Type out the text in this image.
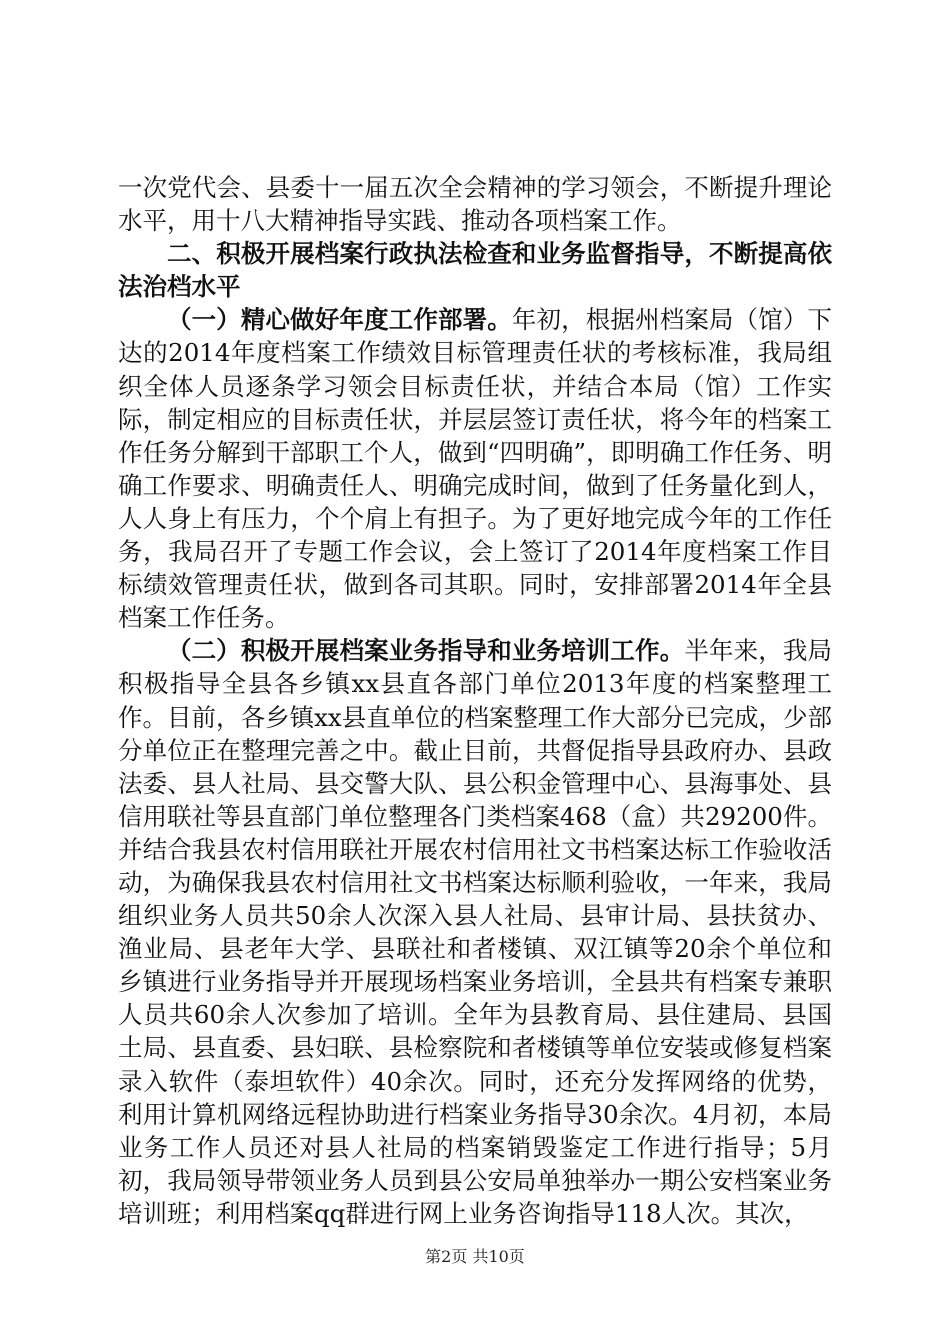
一次党代会、县委十一届五次全会精神的学习领会，不断提升理论水平，用十八大精神指导实践、推动各项档案工作。

二、积极开展档案行政执法检查和业务监督指导，不断提高依法治档水平

（一）精心做好年度工作部署。年初，根据州档案局（馆）下达的2014年度档案工作绩效目标管理责任状的考核标准，我局组织全体人员逐条学习领会目标责任状，并结合本局（馆）工作实际，制定相应的目标责任状，并层层签订责任状，将今年的档案工作任务分解到干部职工个人，做到“四明确”，即明确工作任务、明确工作要求、明确责任人、明确完成时间，做到了任务量化到人，人人身上有压力，个个肩上有担子。为了更好地完成今年的工作任务，我局召开了专题工作会议，会上签订了2014年度档案工作目标绩效管理责任状，做到各司其职。同时，安排部署2014年全县档案工作任务。

（二）积极开展档案业务指导和业务培训工作。半年来，我局积极指导全县各乡镇xx县直各部门单位2013年度的档案整理工作。目前，各乡镇xx县直单位的档案整理工作大部分已完成，少部分单位正在整理完善之中。截止目前，共督促指导县政府办、县政法委、县人社局、县交警大队、县公积金管理中心、县海事处、县信用联社等县直部门单位整理各门类档案468（盒）共29200件。并结合我县农村信用联社开展农村信用社文书档案达标工作验收活动，为确保我县农村信用社文书档案达标顺利验收，一年来，我局组织业务人员共50余人次深入县人社局、县审计局、县扶贫办、渔业局、县老年大学、县联社和者楼镇、双江镇等20余个单位和乡镇进行业务指导并开展现场档案业务培训，全县共有档案专兼职人员共60余人次参加了培训。全年为县教育局、县住建局、县国土局、县直委、县妇联、县检察院和者楼镇等单位安装或修复档案录入软件（泰坦软件）40余次。同时，还充分发挥网络的优势，利用计算机网络远程协助进行档案业务指导30余次。4月初，本局业务工作人员还对县人社局的档案销毁鉴定工作进行指导；5月初，我局领导带领业务人员到县公安局单独举办一期公安档案业务培训班；利用档案qq群进行网上业务咨询指导118人次。其次，

第2页 共10页
